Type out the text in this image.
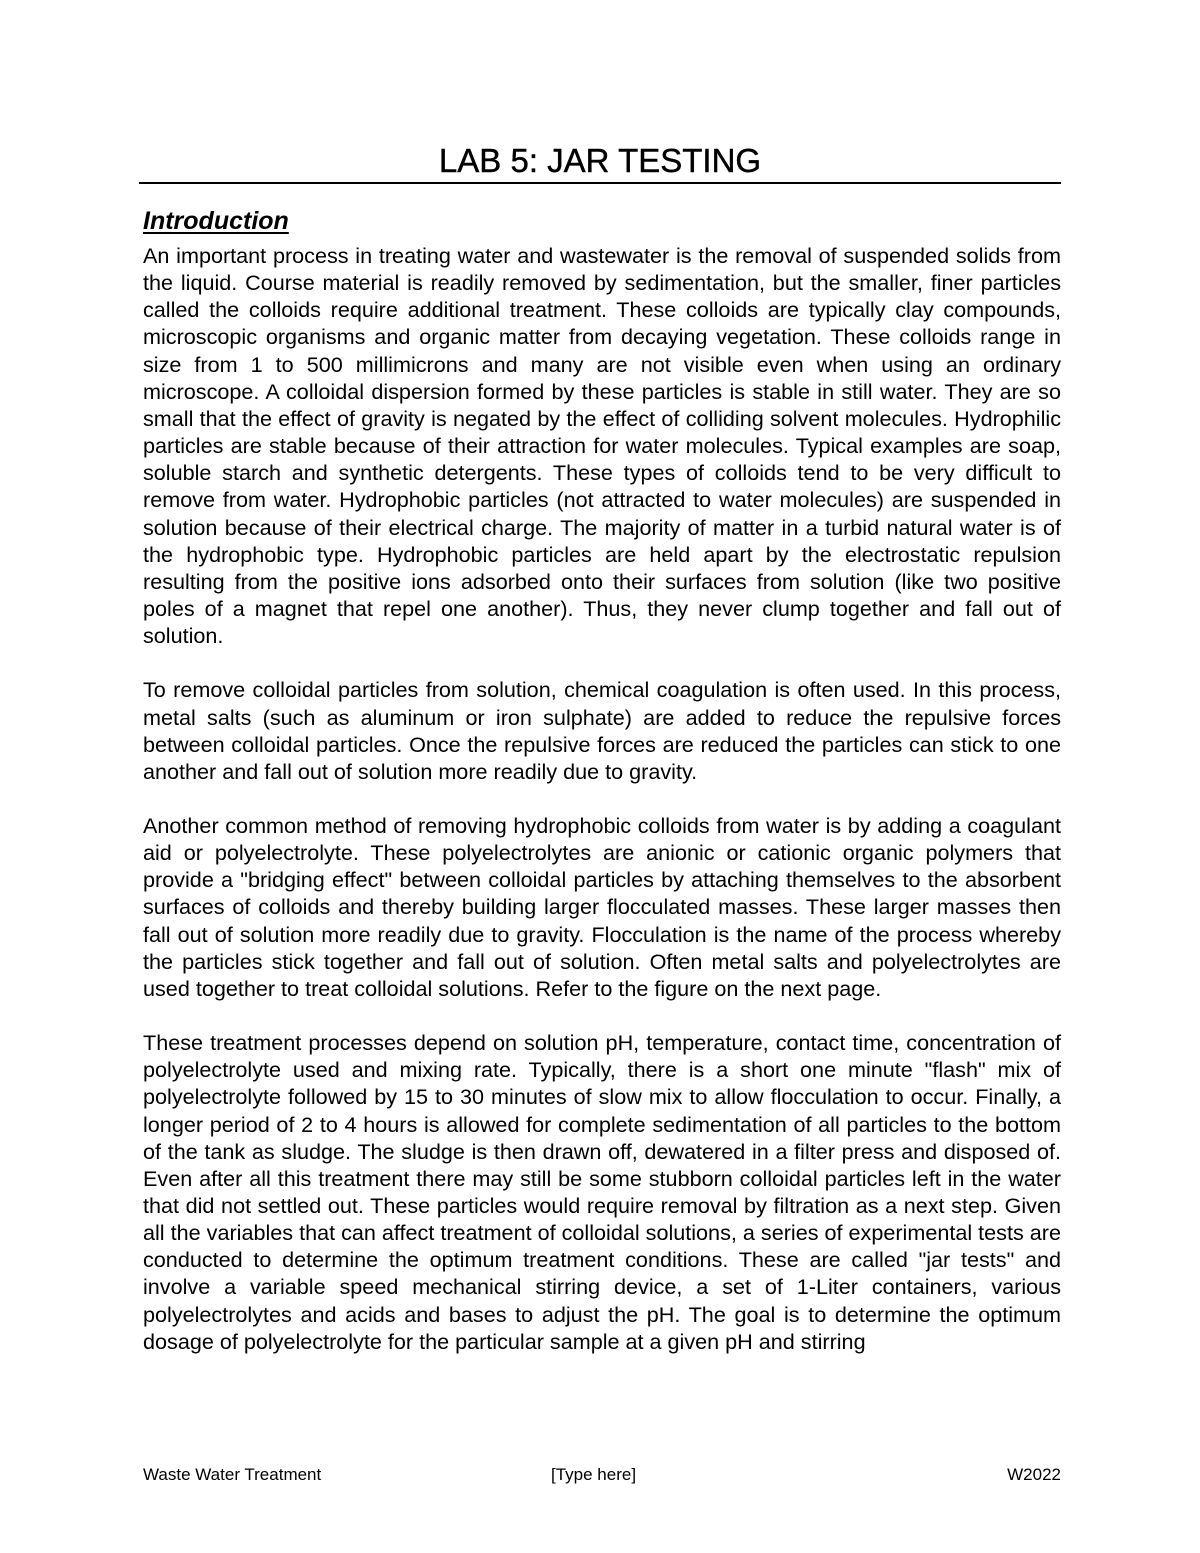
LAB 5: JAR TESTING
Introduction

An important process in treating water and wastewater is the removal of suspended solids from the liquid. Course material is readily removed by sedimentation, but the smaller, finer particles called the colloids require additional treatment. These colloids are typically clay compounds, microscopic organisms and organic matter from decaying vegetation. These colloids range in size from 1 to 500 millimicrons and many are not visible even when using an ordinary microscope. A colloidal dispersion formed by these particles is stable in still water. They are so small that the effect of gravity is negated by the effect of colliding solvent molecules. Hydrophilic particles are stable because of their attraction for water molecules. Typical examples are soap, soluble starch and synthetic detergents. These types of colloids tend to be very difficult to remove from water. Hydrophobic particles (not attracted to water molecules) are suspended in solution because of their electrical charge. The majority of matter in a turbid natural water is of the hydrophobic type. Hydrophobic particles are held apart by the electrostatic repulsion resulting from the positive ions adsorbed onto their surfaces from solution (like two positive poles of a magnet that repel one another). Thus, they never clump together and fall out of solution.

To remove colloidal particles from solution, chemical coagulation is often used. In this process, metal salts (such as aluminum or iron sulphate) are added to reduce the repulsive forces between colloidal particles. Once the repulsive forces are reduced the particles can stick to one another and fall out of solution more readily due to gravity.

Another common method of removing hydrophobic colloids from water is by adding a coagulant aid or polyelectrolyte. These polyelectrolytes are anionic or cationic organic polymers that provide a "bridging effect" between colloidal particles by attaching themselves to the absorbent surfaces of colloids and thereby building larger flocculated masses. These larger masses then fall out of solution more readily due to gravity. Flocculation is the name of the process whereby the particles stick together and fall out of solution. Often metal salts and polyelectrolytes are used together to treat colloidal solutions. Refer to the figure on the next page.

These treatment processes depend on solution pH, temperature, contact time, concentration of polyelectrolyte used and mixing rate. Typically, there is a short one minute "flash" mix of polyelectrolyte followed by 15 to 30 minutes of slow mix to allow flocculation to occur. Finally, a longer period of 2 to 4 hours is allowed for complete sedimentation of all particles to the bottom of the tank as sludge. The sludge is then drawn off, dewatered in a filter press and disposed of. Even after all this treatment there may still be some stubborn colloidal particles left in the water that did not settled out. These particles would require removal by filtration as a next step. Given all the variables that can affect treatment of colloidal solutions, a series of experimental tests are conducted to determine the optimum treatment conditions. These are called "jar tests" and involve a variable speed mechanical stirring device, a set of 1-Liter containers, various polyelectrolytes and acids and bases to adjust the pH. The goal is to determine the optimum dosage of polyelectrolyte for the particular sample at a given pH and stirring

Waste Water Treatment	[Type here]	W2022
